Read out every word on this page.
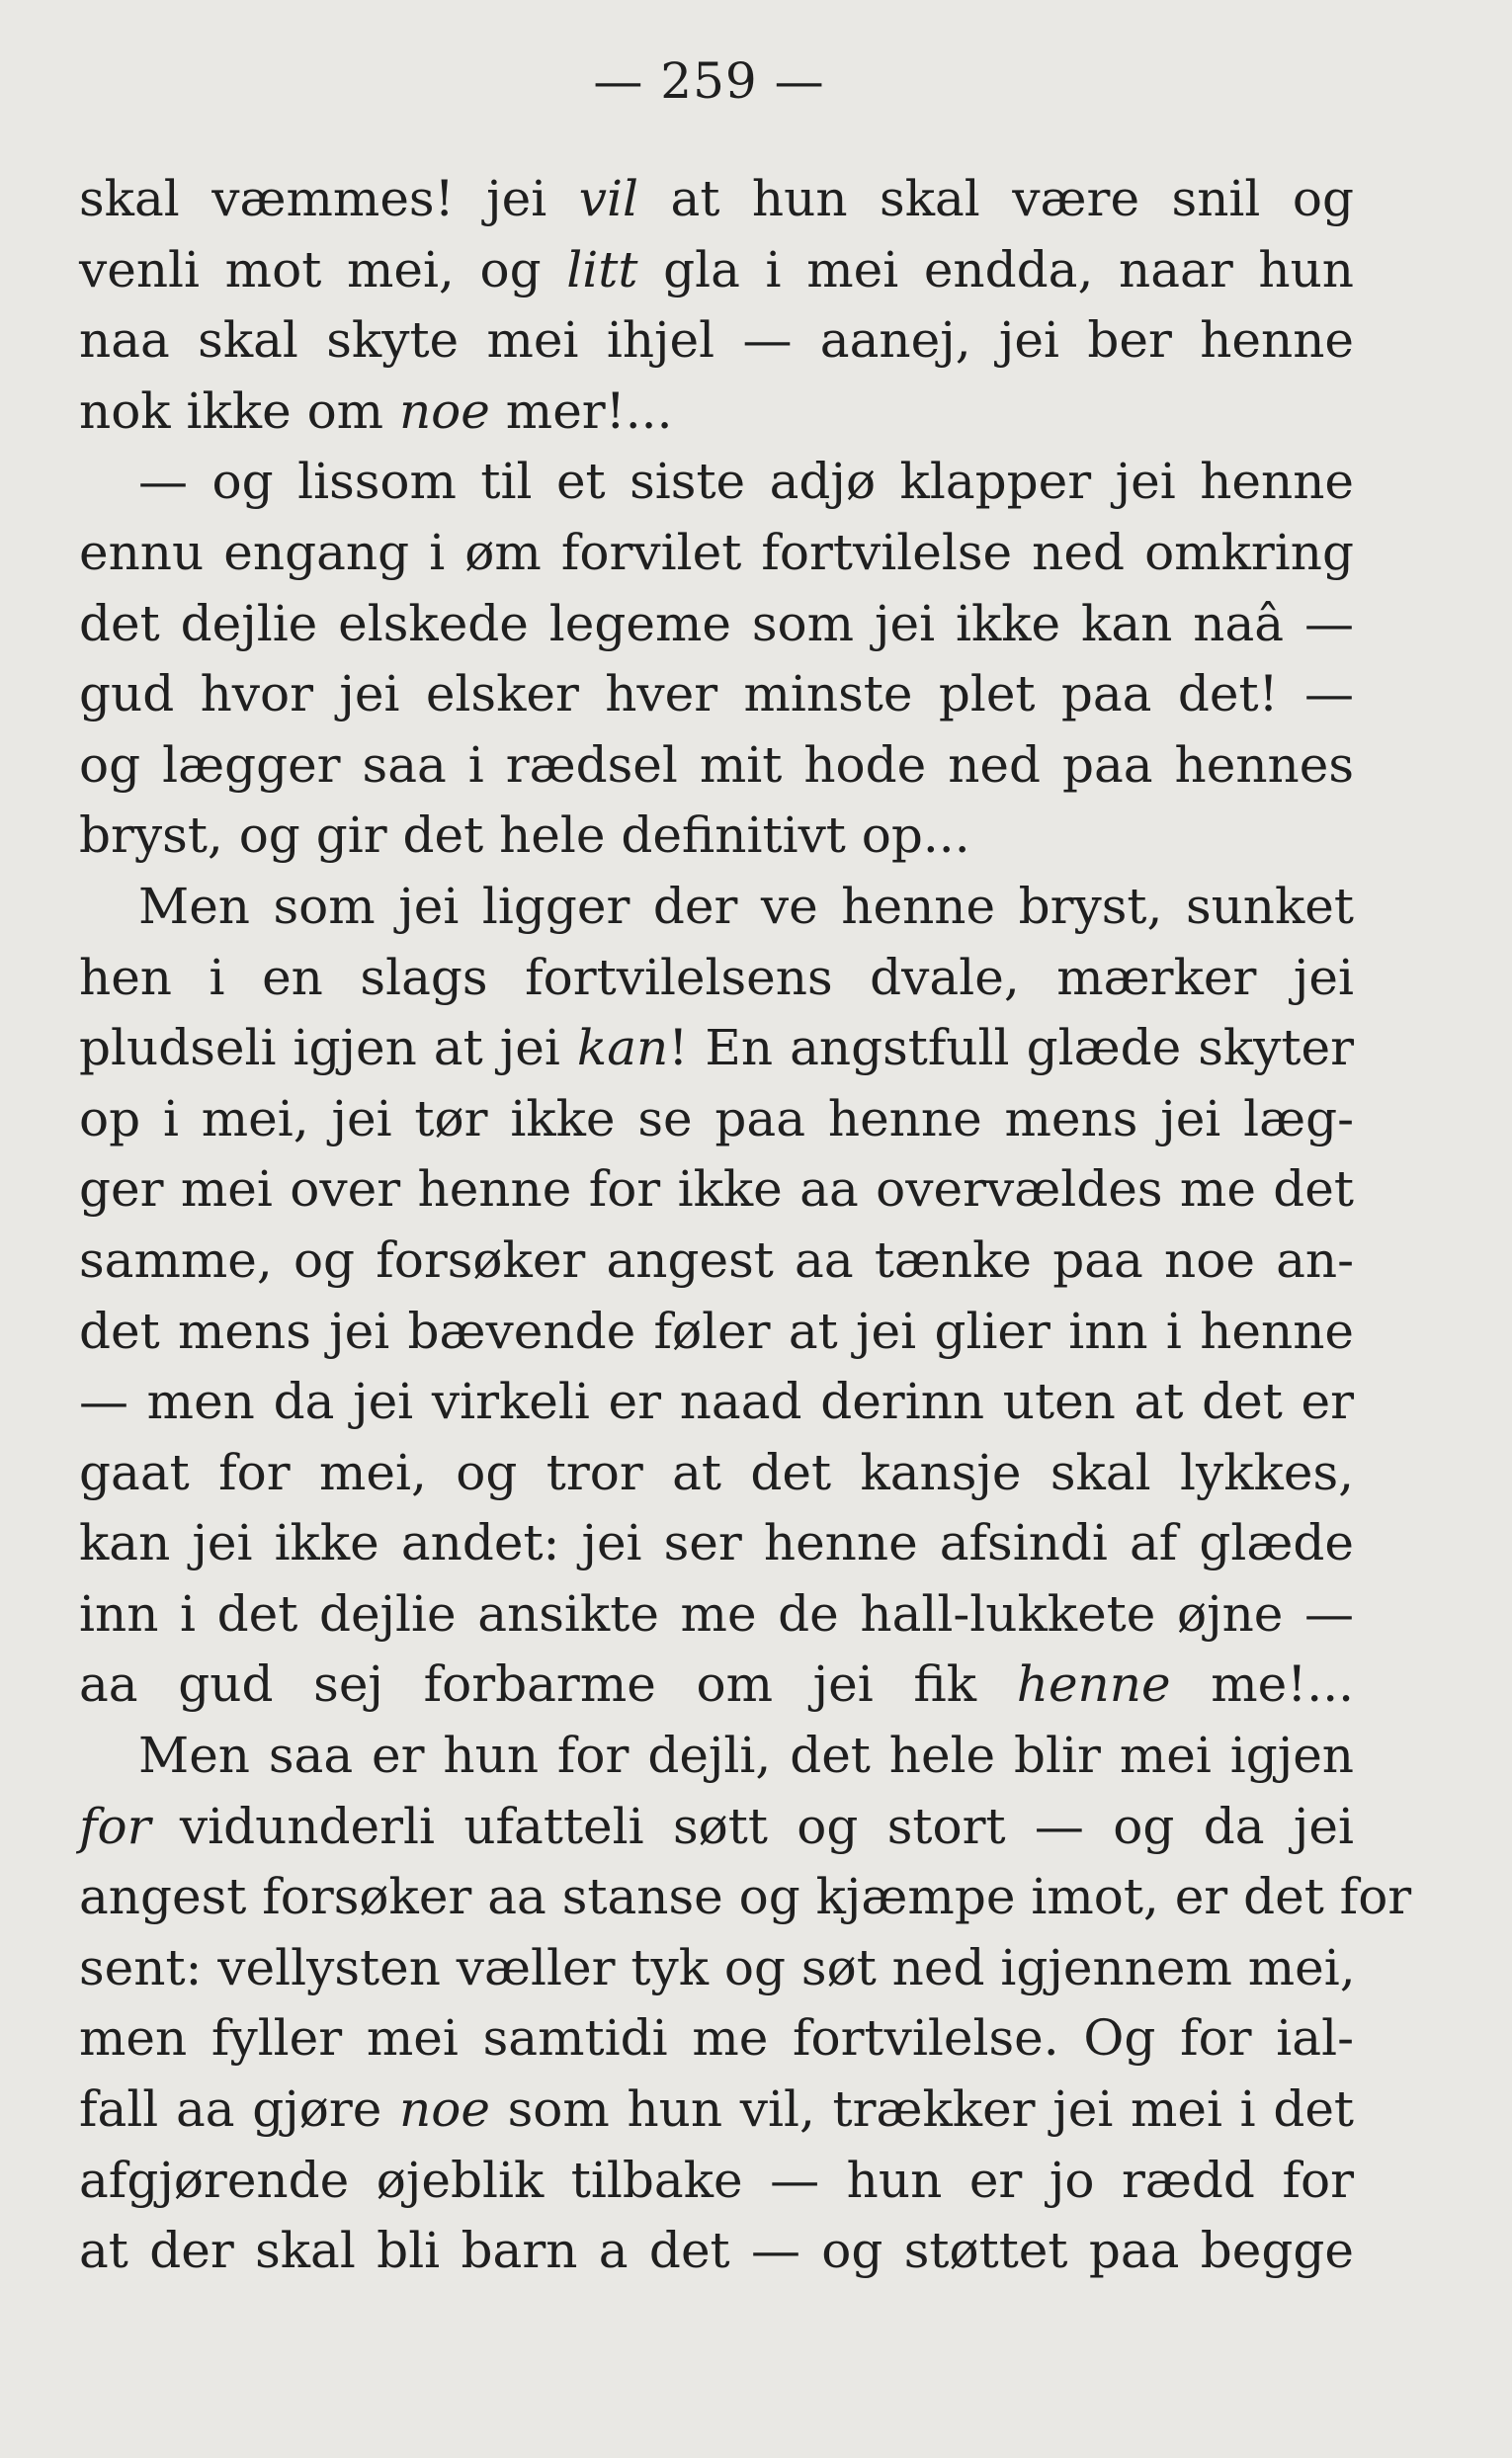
— 259 —
skal væmmes! jei vil at hun skal være snil og
venli mot mei, og litt gla i mei endda, naar hun
naa skal skyte mei ihjel — aanej, jei ber henne
nok ikke om noe mer!...
— og lissom til et siste adjø klapper jei henne
ennu engang i øm forvilet fortvilelse ned omkring
det dejlie elskede legeme som jei ikke kan naâ —
gud hvor jei elsker hver minste plet paa det! —
og lægger saa i rædsel mit hode ned paa hennes
bryst, og gir det hele definitivt op...
Men som jei ligger der ve henne bryst, sunket
hen i en slags fortvilelsens dvale, mærker jei
pludseli igjen at jei kan! En angstfull glæde skyter
op i mei, jei tør ikke se paa henne mens jei læg-
ger mei over henne for ikke aa overvældes me det
samme, og forsøker angest aa tænke paa noe an-
det mens jei bævende føler at jei glier inn i henne
— men da jei virkeli er naad derinn uten at det er
gaat for mei, og tror at det kansje skal lykkes,
kan jei ikke andet: jei ser henne afsindi af glæde
inn i det dejlie ansikte me de hall-lukkete øjne —
aa gud sej forbarme om jei fik henne me!...
Men saa er hun for dejli, det hele blir mei igjen
for vidunderli ufatteli søtt og stort — og da jei
angest forsøker aa stanse og kjæmpe imot, er det for
sent: vellysten væller tyk og søt ned igjennem mei,
men fyller mei samtidi me fortvilelse. Og for ial-
fall aa gjøre noe som hun vil, trækker jei mei i det
afgjørende øjeblik tilbake — hun er jo rædd for
at der skal bli barn a det — og støttet paa begge
